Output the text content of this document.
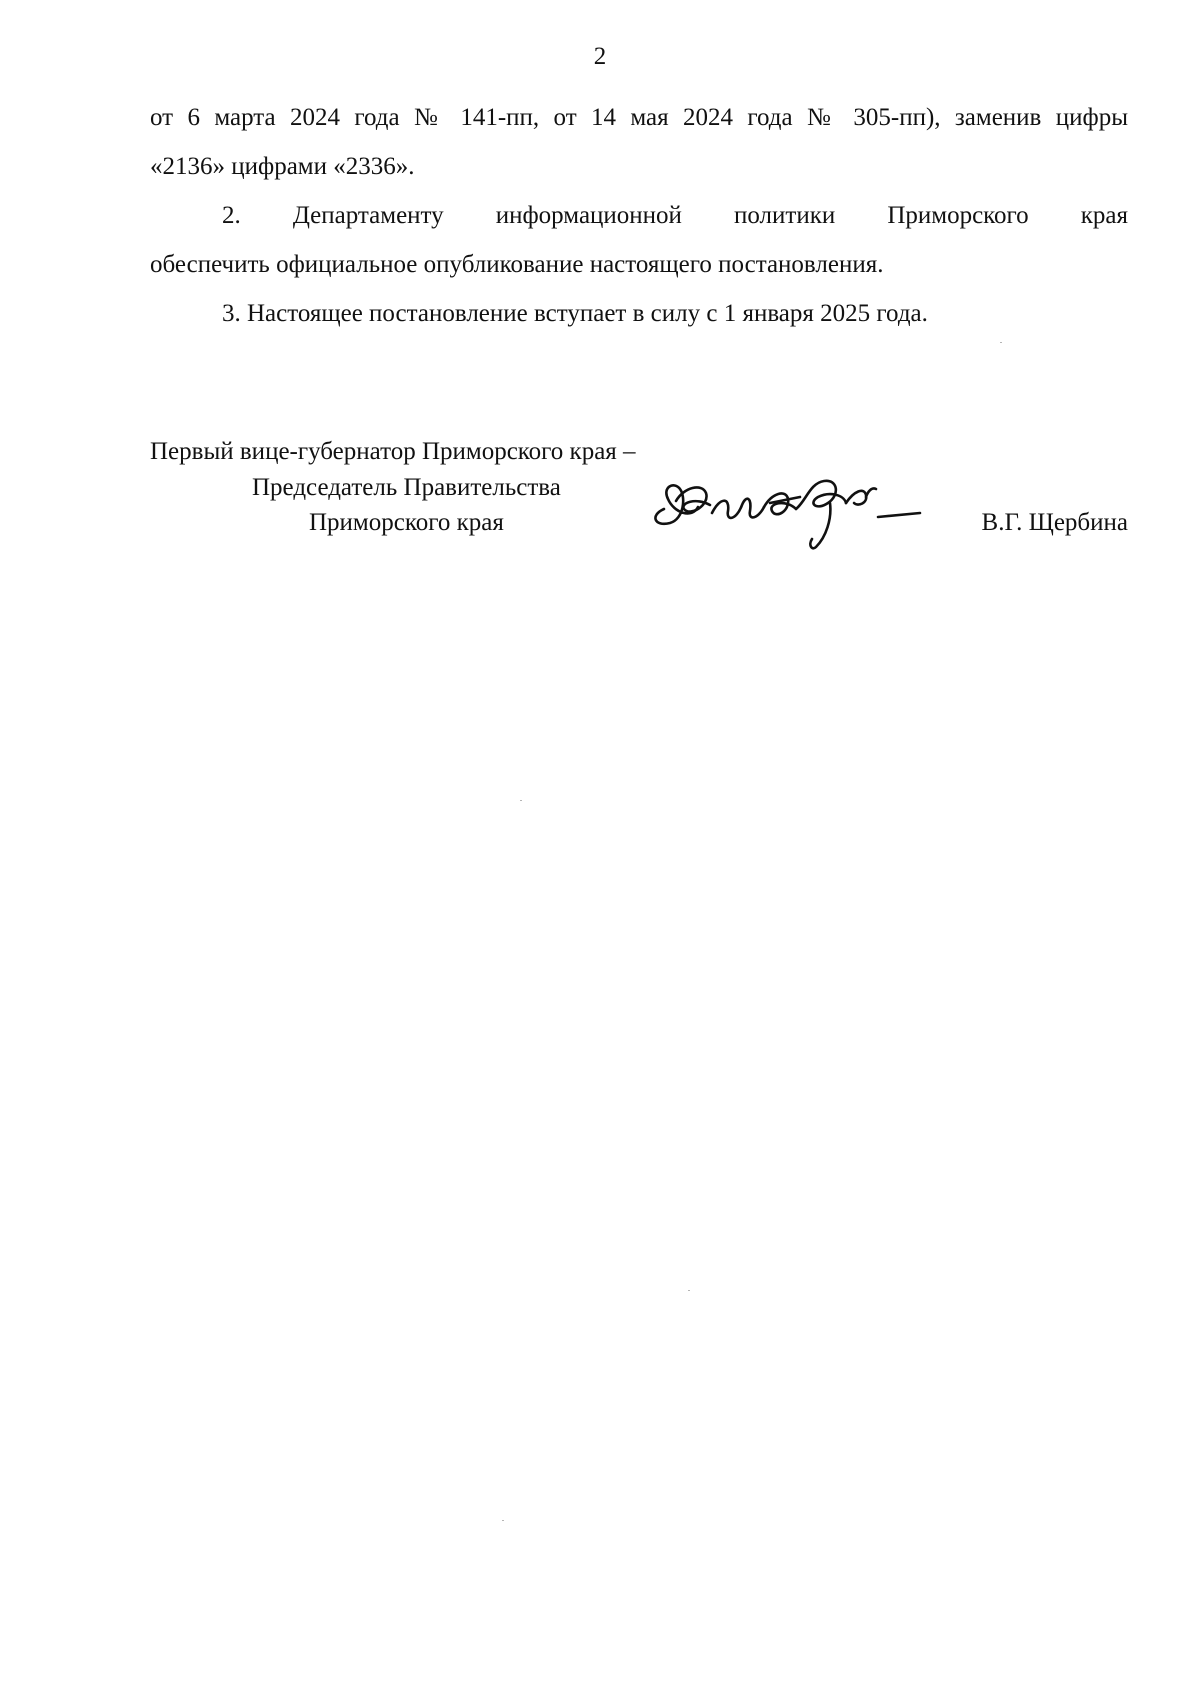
2
от 6 марта 2024 года № 141-пп, от 14 мая 2024 года № 305-пп), заменив цифры
«2136» цифрами «2336».
2. Департаменту информационной политики Приморского края
обеспечить официальное опубликование настоящего постановления.
3. Настоящее постановление вступает в силу с 1 января 2025 года.
Первый вице-губернатор Приморского края –
Председатель Правительства
Приморского края	В.Г. Щербина
